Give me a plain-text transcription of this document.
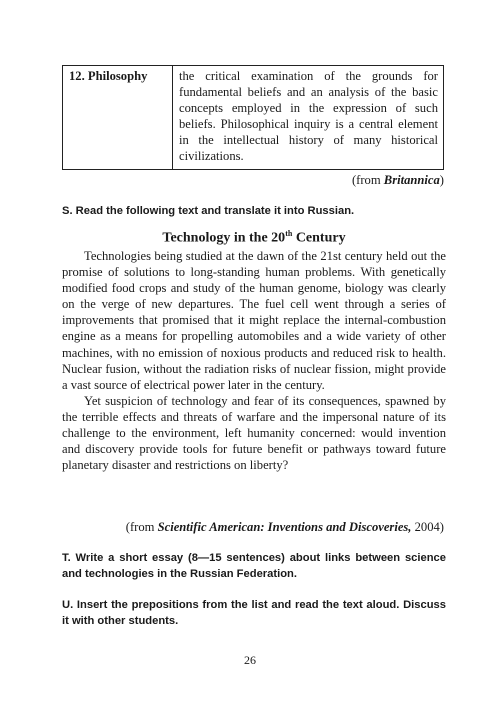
12. Philosophy	the critical examination of the grounds for fundamental beliefs and an analysis of the basic concepts employed in the expression of such beliefs. Philosophical inquiry is a central element in the intellectual history of many historical civilizations.
(from Britannica)
S. Read the following text and translate it into Russian.
Technology in the 20th Century

Technologies being studied at the dawn of the 21st century held out the promise of solutions to long-standing human problems. With genetically modified food crops and study of the human genome, biology was clearly on the verge of new departures. The fuel cell went through a series of improvements that promised that it might replace the internal-combustion engine as a means for propelling automobiles and a wide variety of other machines, with no emission of noxious products and reduced risk to health. Nuclear fusion, without the radiation risks of nuclear fission, might provide a vast source of electrical power later in the century.

Yet suspicion of technology and fear of its consequences, spawned by the terrible effects and threats of warfare and the impersonal nature of its challenge to the environment, left humanity concerned: would invention and discovery provide tools for future benefit or pathways toward future planetary disaster and restrictions on liberty?

(from Scientific American: Inventions and Discoveries, 2004)
T. Write a short essay (8—15 sentences) about links between science and technologies in the Russian Federation.
U. Insert the prepositions from the list and read the text aloud. Discuss it with other students.
26
